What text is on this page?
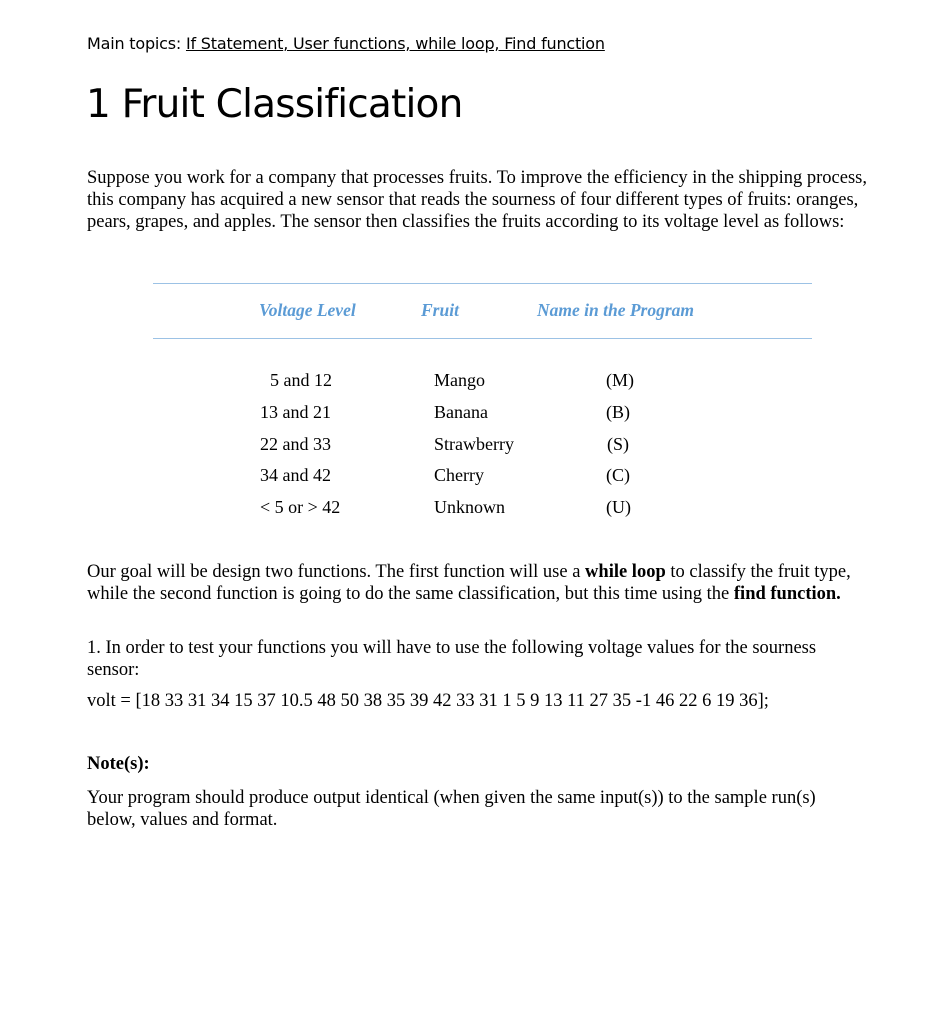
Main topics: If Statement, User functions, while loop, Find function
1 Fruit Classification

Suppose you work for a company that processes fruits. To improve the efficiency in the shipping process, this company has acquired a new sensor that reads the sourness of four different types of fruits: oranges, pears, grapes, and apples. The sensor then classifies the fruits according to its voltage level as follows:

Voltage Level	Fruit	Name in the Program
5 and 12	Mango	(M)
13 and 21	Banana	(B)
22 and 33	Strawberry	(S)
34 and 42	Cherry	(C)
< 5 or > 42	Unknown	(U)

Our goal will be design two functions. The first function will use a while loop to classify the fruit type, while the second function is going to do the same classification, but this time using the find function.

1. In order to test your functions you will have to use the following voltage values for the sourness sensor:

volt = [18 33 31 34 15 37 10.5 48 50 38 35 39 42 33 31 1 5 9 13 11 27 35 -1 46 22 6 19 36];

Note(s):

Your program should produce output identical (when given the same input(s)) to the sample run(s) below, values and format.
